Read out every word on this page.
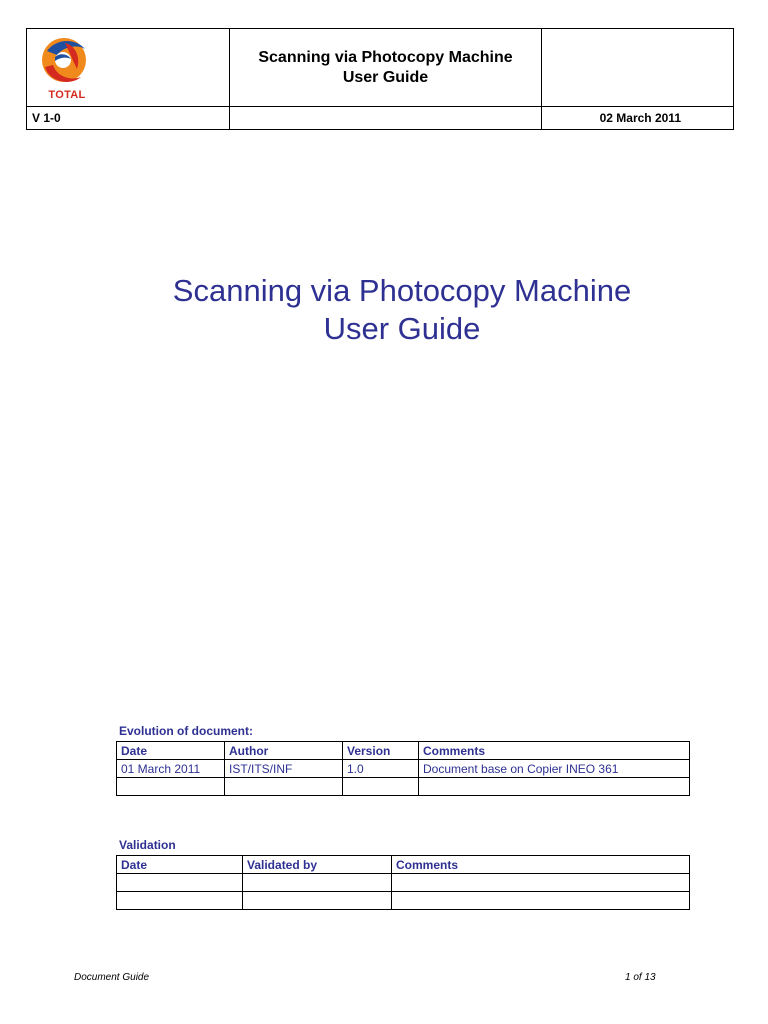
TOTAL	Scanning via Photocopy Machine
User Guide	

V 1-0		02 March 2011
Scanning via Photocopy Machine
User Guide
Evolution of document:
Date	Author	Version	Comments
01 March 2011	IST/ITS/INF	1.0	Document base on Copier INEO 361

Validation
Date	Validated by	Comments

Document Guide	1 of 13
